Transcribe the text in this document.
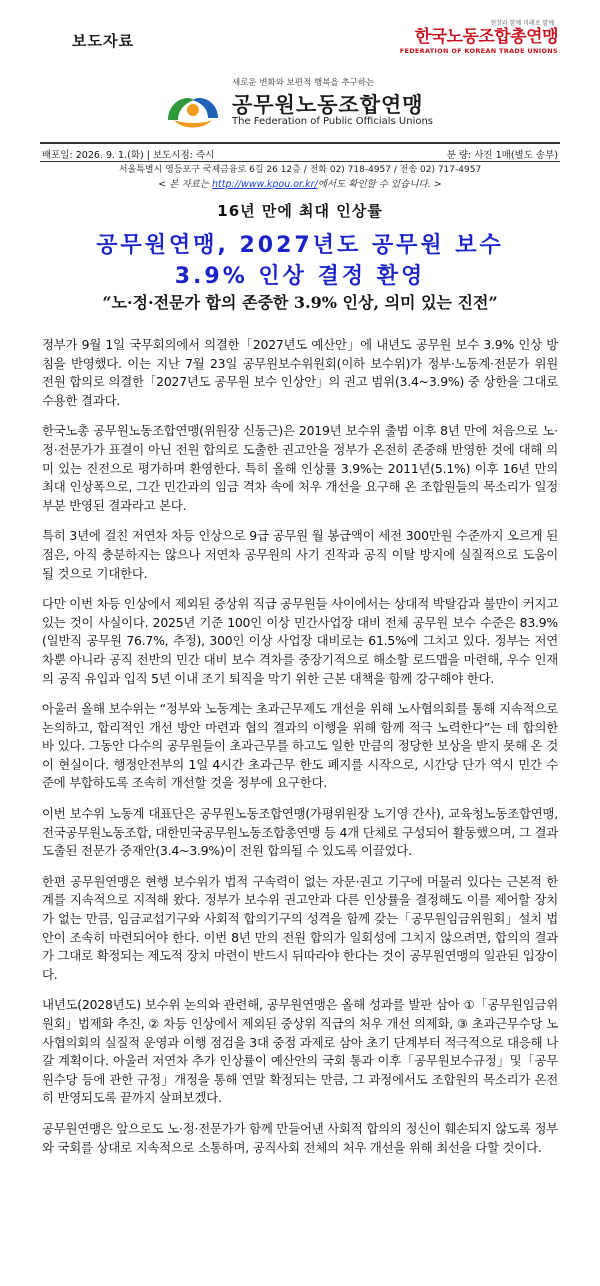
보도자료
현장과 함께 미래로 함께
한국노동조합총연맹
FEDERATION OF KOREAN TRADE UNIONS
새로운 변화와 보편적 행복을 추구하는
공무원노동조합연맹
The Federation of Public Officials Unions
배포일: 2026. 9. 1.(화) | 보도시점: 즉시	분 량: 사진 1매(별도 송부)
서울특별시 영등포구 국제금융로 6길 26 12층 / 전화 02) 718-4957 / 전송 02) 717-4957
< 본 자료는 http://www.kpou.or.kr/에서도 확인할 수 있습니다. >
16년 만에 최대 인상률
공무원연맹, 2027년도 공무원 보수
3.9% 인상 결정 환영
“노·정·전문가 합의 존중한 3.9% 인상, 의미 있는 진전”

정부가 9월 1일 국무회의에서 의결한「2027년도 예산안」에 내년도 공무원 보수 3.9% 인상 방침을 반영했다. 이는 지난 7월 23일 공무원보수위원회(이하 보수위)가 정부·노동계·전문가 위원 전원 합의로 의결한「2027년도 공무원 보수 인상안」의 권고 범위(3.4~3.9%) 중 상한을 그대로 수용한 결과다.

한국노총 공무원노동조합연맹(위원장 신동근)은 2019년 보수위 출범 이후 8년 만에 처음으로 노·정·전문가가 표결이 아닌 전원 합의로 도출한 권고안을 정부가 온전히 존중해 반영한 것에 대해 의미 있는 진전으로 평가하며 환영한다. 특히 올해 인상률 3.9%는 2011년(5.1%) 이후 16년 만의 최대 인상폭으로, 그간 민간과의 임금 격차 속에 처우 개선을 요구해 온 조합원들의 목소리가 일정 부분 반영된 결과라고 본다.

특히 3년에 걸친 저연차 차등 인상으로 9급 공무원 월 봉급액이 세전 300만원 수준까지 오르게 된 점은, 아직 충분하지는 않으나 저연차 공무원의 사기 진작과 공직 이탈 방지에 실질적으로 도움이 될 것으로 기대한다.

다만 이번 차등 인상에서 제외된 중상위 직급 공무원들 사이에서는 상대적 박탈감과 불만이 커지고 있는 것이 사실이다. 2025년 기준 100인 이상 민간사업장 대비 전체 공무원 보수 수준은 83.9%(일반직 공무원 76.7%, 추정), 300인 이상 사업장 대비로는 61.5%에 그치고 있다. 정부는 저연차뿐 아니라 공직 전반의 민간 대비 보수 격차를 중장기적으로 해소할 로드맵을 마련해, 우수 인재의 공직 유입과 입직 5년 이내 조기 퇴직을 막기 위한 근본 대책을 함께 강구해야 한다.

아울러 올해 보수위는 “정부와 노동계는 초과근무제도 개선을 위해 노사협의회를 통해 지속적으로 논의하고, 합리적인 개선 방안 마련과 협의 결과의 이행을 위해 함께 적극 노력한다”는 데 합의한 바 있다. 그동안 다수의 공무원들이 초과근무를 하고도 일한 만큼의 정당한 보상을 받지 못해 온 것이 현실이다. 행정안전부의 1일 4시간 초과근무 한도 폐지를 시작으로, 시간당 단가 역시 민간 수준에 부합하도록 조속히 개선할 것을 정부에 요구한다.

이번 보수위 노동계 대표단은 공무원노동조합연맹(가평위원장 노기영 간사), 교육청노동조합연맹, 전국공무원노동조합, 대한민국공무원노동조합총연맹 등 4개 단체로 구성되어 활동했으며, 그 결과 도출된 전문가 중재안(3.4~3.9%)이 전원 합의될 수 있도록 이끌었다.

한편 공무원연맹은 현행 보수위가 법적 구속력이 없는 자문·권고 기구에 머물러 있다는 근본적 한계를 지속적으로 지적해 왔다. 정부가 보수위 권고안과 다른 인상률을 결정해도 이를 제어할 장치가 없는 만큼, 임금교섭기구와 사회적 합의기구의 성격을 함께 갖는「공무원임금위원회」설치 법안이 조속히 마련되어야 한다. 이번 8년 만의 전원 합의가 일회성에 그치지 않으려면, 합의의 결과가 그대로 확정되는 제도적 장치 마련이 반드시 뒤따라야 한다는 것이 공무원연맹의 일관된 입장이다.

내년도(2028년도) 보수위 논의와 관련해, 공무원연맹은 올해 성과를 발판 삼아 ①「공무원임금위원회」법제화 추진, ② 차등 인상에서 제외된 중상위 직급의 처우 개선 의제화, ③ 초과근무수당 노사협의회의 실질적 운영과 이행 점검을 3대 중점 과제로 삼아 초기 단계부터 적극적으로 대응해 나갈 계획이다. 아울러 저연차 추가 인상률이 예산안의 국회 통과 이후「공무원보수규정」및「공무원수당 등에 관한 규정」개정을 통해 연말 확정되는 만큼, 그 과정에서도 조합원의 목소리가 온전히 반영되도록 끝까지 살펴보겠다.

공무원연맹은 앞으로도 노·정·전문가가 함께 만들어낸 사회적 합의의 정신이 훼손되지 않도록 정부와 국회를 상대로 지속적으로 소통하며, 공직사회 전체의 처우 개선을 위해 최선을 다할 것이다.
